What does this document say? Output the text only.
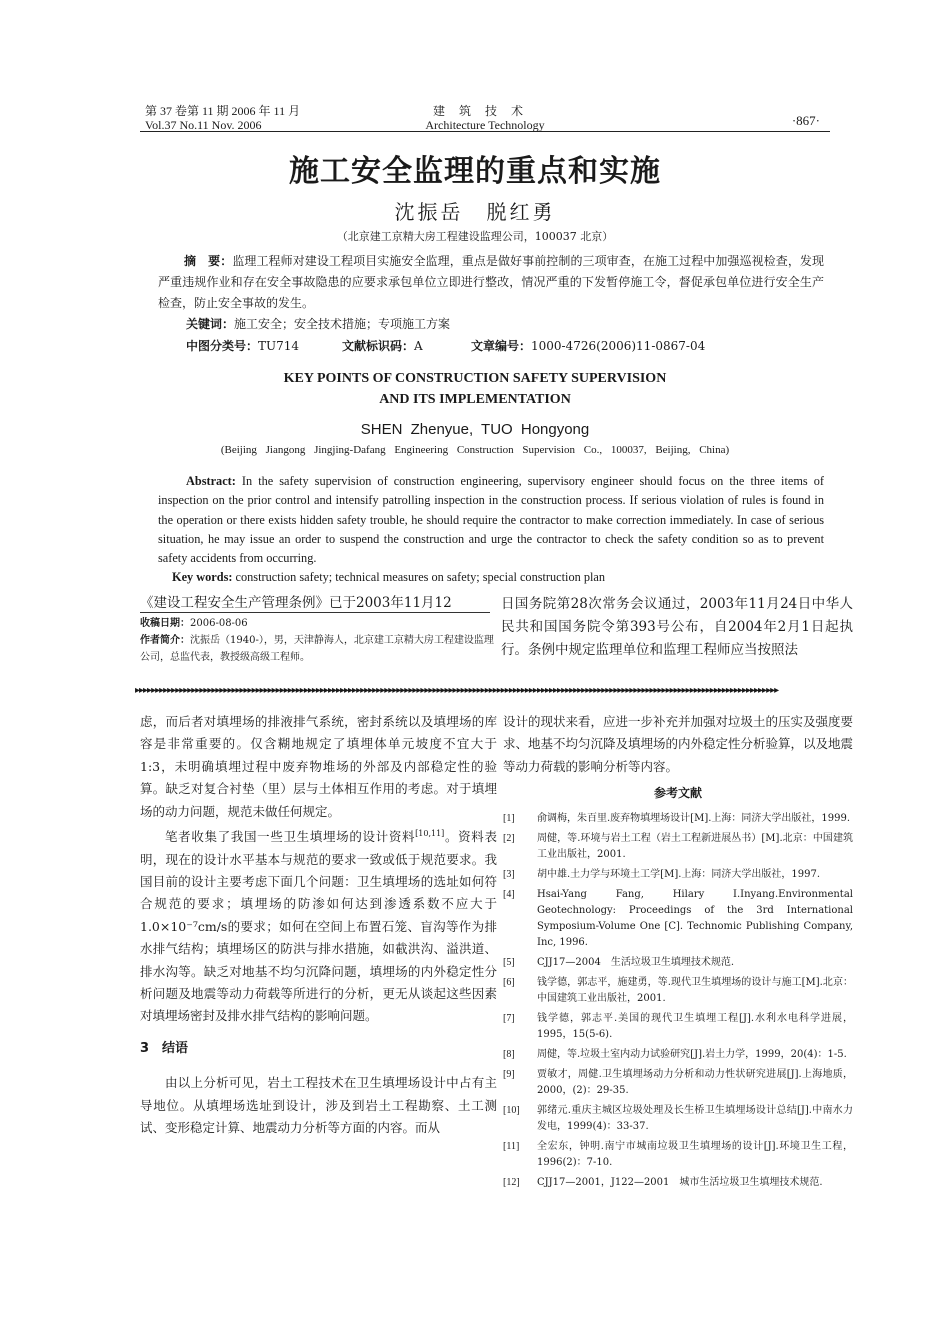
第 37 卷第 11 期 2006 年 11 月
Vol.37 No.11 Nov. 2006
建筑技术
Architecture Technology	·867·
施工安全监理的重点和实施
沈振岳　脱红勇
（北京建工京精大房工程建设监理公司，100037 北京）
摘　要：监理工程师对建设工程项目实施安全监理，重点是做好事前控制的三项审查，在施工过程中加强巡视检查，发现严重违规作业和存在安全事故隐患的应要求承包单位立即进行整改，情况严重的下发暂停施工令，督促承包单位进行安全生产检查，防止安全事故的发生。
关键词：施工安全；安全技术措施；专项施工方案
中图分类号：TU714	文献标识码：A	文章编号：1000-4726(2006)11-0867-04
KEY POINTS OF CONSTRUCTION SAFETY SUPERVISION
AND ITS IMPLEMENTATION
SHEN Zhenyue, TUO Hongyong
(Beijing Jiangong Jingjing-Dafang Engineering Construction Supervision Co., 100037, Beijing, China)
Abstract: In the safety supervision of construction engineering, supervisory engineer should focus on the three items of inspection on the prior control and intensify patrolling inspection in the construction process. If serious violation of rules is found in the operation or there exists hidden safety trouble, he should require the contractor to make correction immediately. In case of serious situation, he may issue an order to suspend the construction and urge the contractor to check the safety condition so as to prevent safety accidents from occurring.
Key words: construction safety; technical measures on safety; special construction plan
《建设工程安全生产管理条例》已于2003年11月12
收稿日期：2006-08-06
作者简介：沈振岳（1940-），男，天津静海人，北京建工京精大房工程建设监理公司，总监代表，教授级高级工程师。
日国务院第28次常务会议通过，2003年11月24日中华人民共和国国务院令第393号公布，自2004年2月1日起执行。条例中规定监理单位和监理工程师应当按照法
▸▸▸▸▸▸▸▸▸▸▸▸▸▸▸▸▸▸▸▸▸▸▸▸▸▸▸▸▸▸▸▸▸▸▸▸▸▸▸▸▸▸▸▸▸▸▸▸▸▸▸▸▸▸▸▸▸▸▸▸▸▸▸▸▸▸▸▸▸▸▸▸▸▸▸▸▸▸▸▸▸▸▸▸▸▸▸▸▸▸▸▸▸▸▸▸▸▸▸▸▸▸▸▸▸▸▸▸▸▸▸▸▸▸▸▸▸▸▸▸▸▸▸▸▸▸▸▸▸▸▸▸▸▸▸▸▸▸▸▸▸▸▸▸▸▸▸▸▸▸▸▸▸▸▸▸▸▸▸▸

虑，而后者对填埋场的排液排气系统，密封系统以及填埋场的库容是非常重要的。仅含糊地规定了填埋体单元坡度不宜大于1:3，未明确填埋过程中废弃物堆场的外部及内部稳定性的验算。缺乏对复合衬垫（里）层与土体相互作用的考虑。对于填埋场的动力问题，规范未做任何规定。

笔者收集了我国一些卫生填埋场的设计资料[10,11]。资料表明，现在的设计水平基本与规范的要求一致或低于规范要求。我国目前的设计主要考虑下面几个问题：卫生填埋场的选址如何符合规范的要求；填埋场的防渗如何达到渗透系数不应大于1.0×10⁻⁷cm/s的要求；如何在空间上布置石笼、盲沟等作为排水排气结构；填埋场区的防洪与排水措施，如截洪沟、溢洪道、排水沟等。缺乏对地基不均匀沉降问题，填埋场的内外稳定性分析问题及地震等动力荷载等所进行的分析，更无从谈起这些因素对填埋场密封及排水排气结构的影响问题。

3　结语

由以上分析可见，岩土工程技术在卫生填埋场设计中占有主导地位。从填埋场选址到设计，涉及到岩土工程勘察、土工测试、变形稳定计算、地震动力分析等方面的内容。而从

设计的现状来看，应进一步补充并加强对垃圾土的压实及强度要求、地基不均匀沉降及填埋场的内外稳定性分析验算，以及地震等动力荷载的影响分析等内容。

参考文献
[1] 俞调梅，朱百里.废弃物填埋场设计[M].上海：同济大学出版社，1999.
[2] 周健，等.环境与岩土工程（岩土工程新进展丛书）[M].北京：中国建筑工业出版社，2001.
[3] 胡中雄.土力学与环境土工学[M].上海：同济大学出版社，1997.
[4] Hsai-Yang Fang, Hilary I.Inyang.Environmental Geotechnology: Proceedings of the 3rd International Symposium-Volume One [C]. Technomic Publishing Company, Inc, 1996.
[5] CJJ17—2004　生活垃圾卫生填埋技术规范.
[6] 钱学德，郭志平，施建勇，等.现代卫生填埋场的设计与施工[M].北京：中国建筑工业出版社，2001.
[7] 钱学德，郭志平.美国的现代卫生填埋工程[J].水利水电科学进展，1995，15(5-6).
[8] 周健，等.垃圾土室内动力试验研究[J].岩土力学，1999，20(4)：1-5.
[9] 贾敏才，周健.卫生填埋场动力分析和动力性状研究进展[J].上海地质，2000，(2)：29-35.
[10] 郭绪元.重庆主城区垃圾处理及长生桥卫生填埋场设计总结[J].中南水力发电，1999(4)：33-37.
[11] 全宏东，钟明.南宁市城南垃圾卫生填埋场的设计[J].环境卫生工程，1996(2)：7-10.
[12] CJJ17—2001，J122—2001　城市生活垃圾卫生填埋技术规范.
